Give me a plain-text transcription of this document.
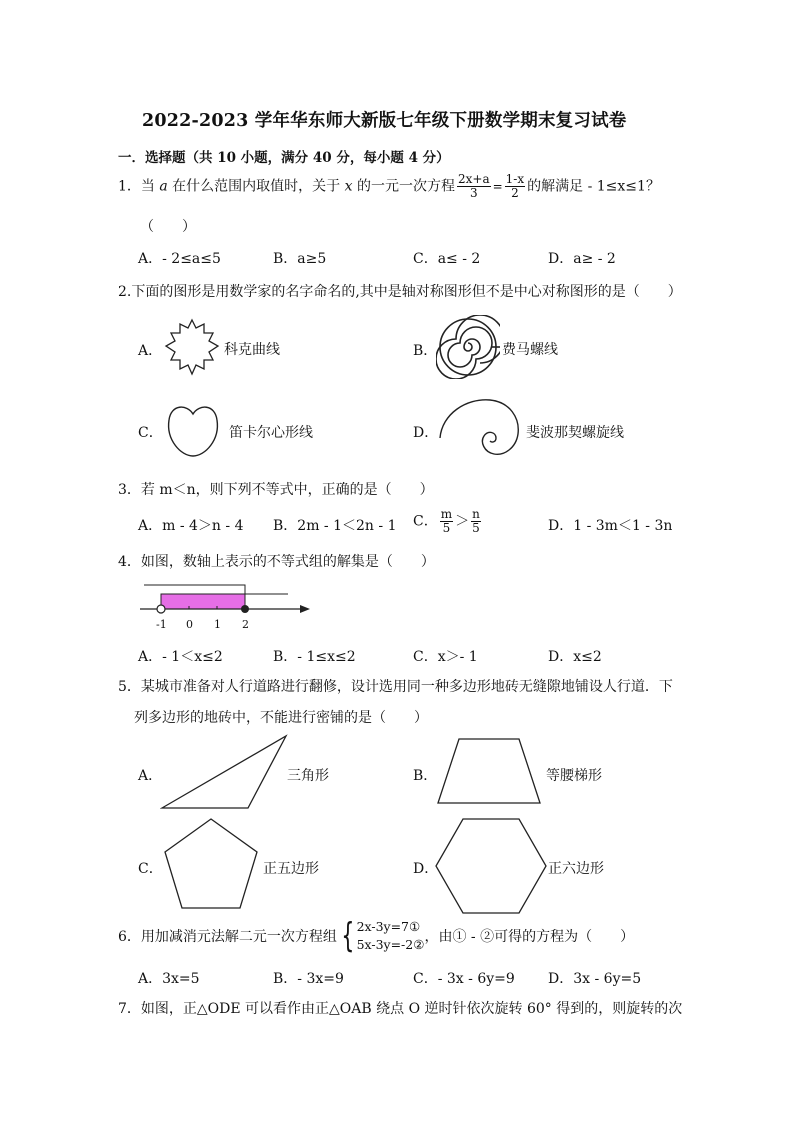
2022-2023 学年华东师大新版七年级下册数学期末复习试卷
一．选择题（共 10 小题，满分 40 分，每小题 4 分）
1．当 a 在什么范围内取值时，关于 x 的一元一次方程 $\frac{2x+a}{3} = \frac{1-x}{2}$ 的解满足 - 1≤x≤1？
（　　）
A．- 2≤a≤5	B．a≥5	C．a≤ - 2	D．a≥ - 2
2.下面的图形是用数学家的名字命名的,其中是轴对称图形但不是中心对称图形的是（　　）
A．	科克曲线	B．	费马螺线
C．	笛卡尔心形线	D．	斐波那契螺旋线
3．若 m＜n，则下列不等式中，正确的是（　　）
A．m - 4＞n - 4 B．2m - 1＜2n - 1 C． $\frac{m}{5} > \frac{n}{5}$	D．1 - 3m＜1 - 3n
4．如图，数轴上表示的不等式组的解集是（　　）
-1 0 1 2
A．- 1＜x≤2	B．- 1≤x≤2	C．x＞- 1	D．x≤2
5．某城市准备对人行道路进行翻修，设计选用同一种多边形地砖无缝隙地铺设人行道．下
列多边形的地砖中，不能进行密铺的是（　　）
A．	三角形	B．	等腰梯形
C．	正五边形	D．	正六边形
6．用加减消元法解二元一次方程组 { 2x-3y=7①
5x-3y=-2② ，由① - ②可得的方程为（　　）
A．3x=5	B．- 3x=9	C．- 3x - 6y=9 D．3x - 6y=5
7．如图，正△ODE 可以看作由正△OAB 绕点 O 逆时针依次旋转 60° 得到的，则旋转的次
